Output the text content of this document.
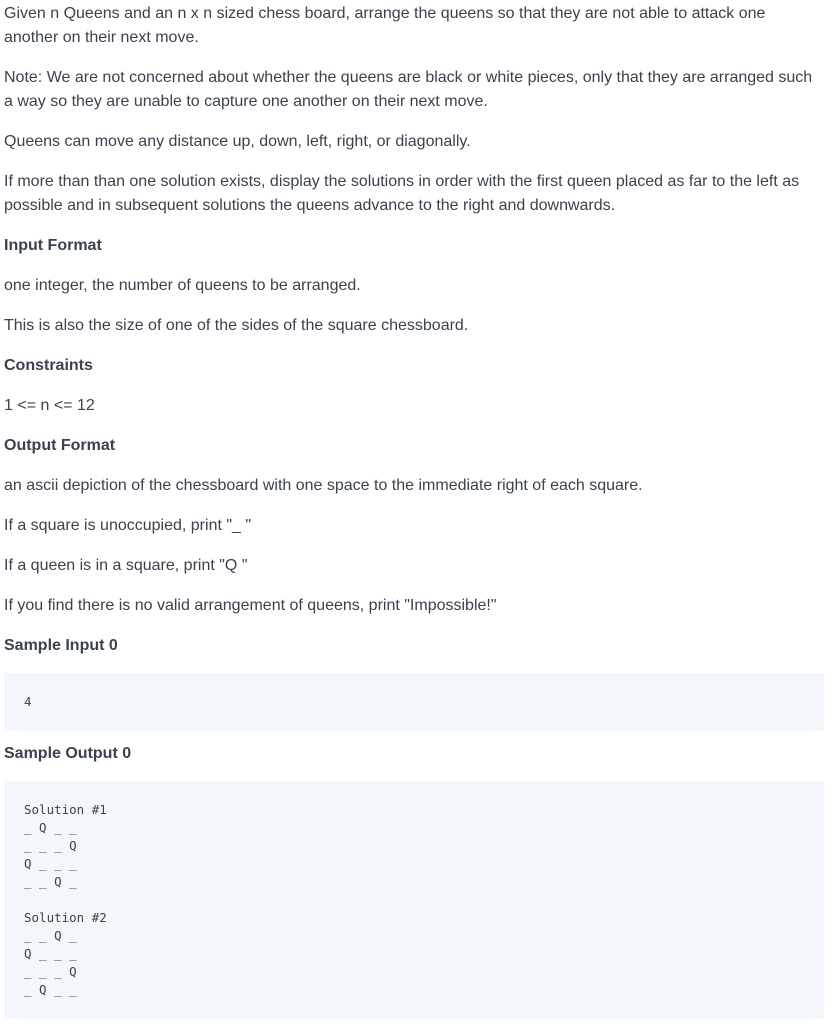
Given n Queens and an n x n sized chess board, arrange the queens so that they are not able to attack one another on their next move.

Note: We are not concerned about whether the queens are black or white pieces, only that they are arranged such a way so they are unable to capture one another on their next move.

Queens can move any distance up, down, left, right, or diagonally.

If more than than one solution exists, display the solutions in order with the first queen placed as far to the left as possible and in subsequent solutions the queens advance to the right and downwards.

Input Format

one integer, the number of queens to be arranged.

This is also the size of one of the sides of the square chessboard.

Constraints

1 <= n <= 12

Output Format

an ascii depiction of the chessboard with one space to the immediate right of each square.

If a square is unoccupied, print "_ "

If a queen is in a square, print "Q "

If you find there is no valid arrangement of queens, print "Impossible!"

Sample Input 0
4
Sample Output 0
Solution #1
_ Q _ _
_ _ _ Q
Q _ _ _
_ _ Q _

Solution #2
_ _ Q _
Q _ _ _
_ _ _ Q
_ Q _ _
